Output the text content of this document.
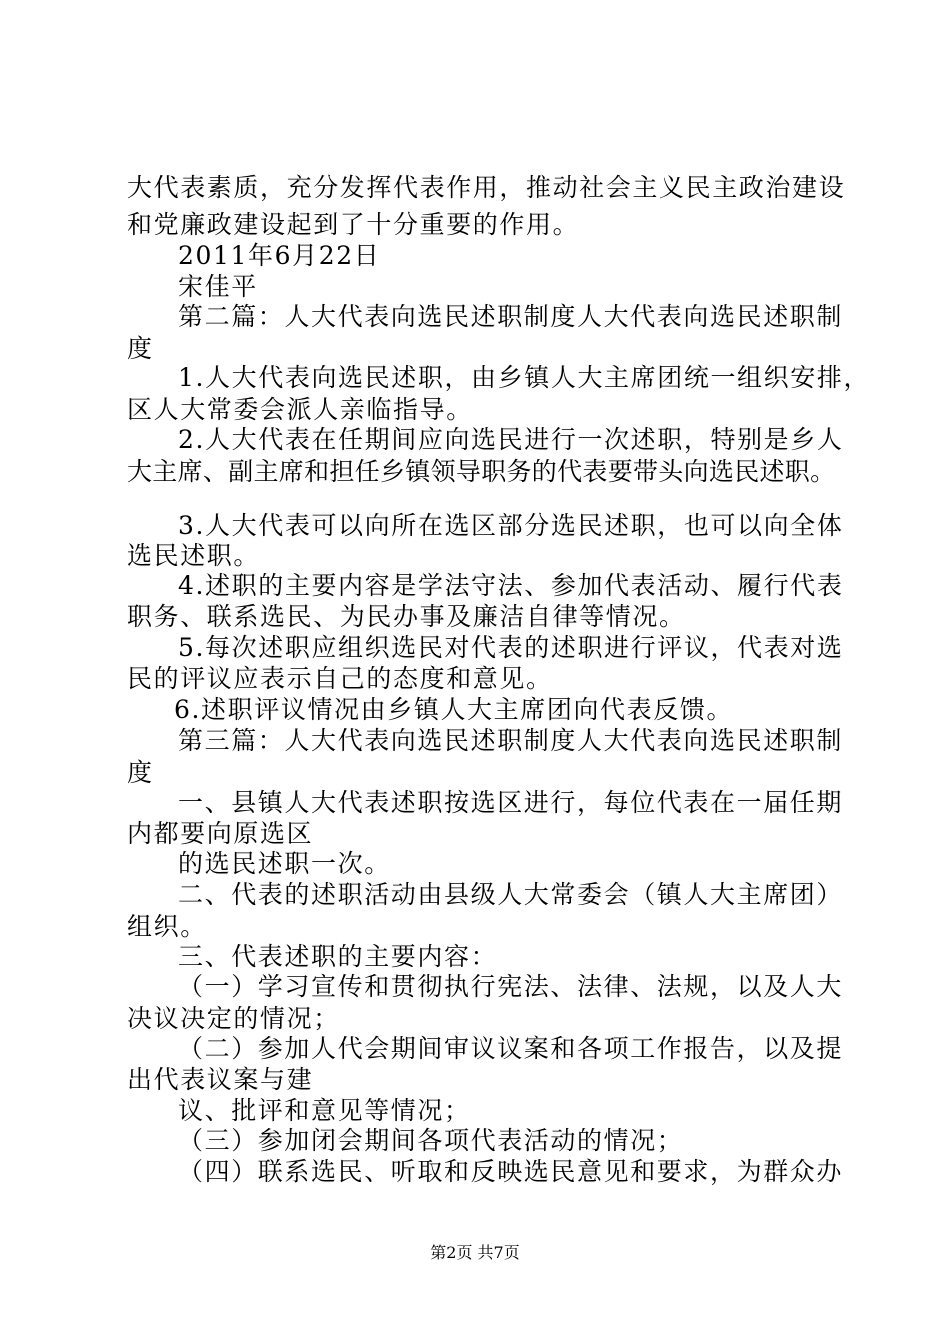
大代表素质，充分发挥代表作用，推动社会主义民主政治建设

和党廉政建设起到了十分重要的作用。

2011年6月22日

宋佳平

第二篇：人大代表向选民述职制度人大代表向选民述职制

度

1.人大代表向选民述职，由乡镇人大主席团统一组织安排，

区人大常委会派人亲临指导。

2.人大代表在任期间应向选民进行一次述职，特别是乡人

大主席、副主席和担任乡镇领导职务的代表要带头向选民述职。

3.人大代表可以向所在选区部分选民述职，也可以向全体

选民述职。

4.述职的主要内容是学法守法、参加代表活动、履行代表

职务、联系选民、为民办事及廉洁自律等情况。

5.每次述职应组织选民对代表的述职进行评议，代表对选

民的评议应表示自己的态度和意见。

6.述职评议情况由乡镇人大主席团向代表反馈。

第三篇：人大代表向选民述职制度人大代表向选民述职制

度

一、县镇人大代表述职按选区进行，每位代表在一届任期

内都要向原选区

的选民述职一次。

二、代表的述职活动由县级人大常委会（镇人大主席团）

组织。

三、代表述职的主要内容：

（一）学习宣传和贯彻执行宪法、法律、法规，以及人大

决议决定的情况；

（二）参加人代会期间审议议案和各项工作报告，以及提

出代表议案与建

议、批评和意见等情况；

（三）参加闭会期间各项代表活动的情况；

（四）联系选民、听取和反映选民意见和要求，为群众办

第2页 共7页
